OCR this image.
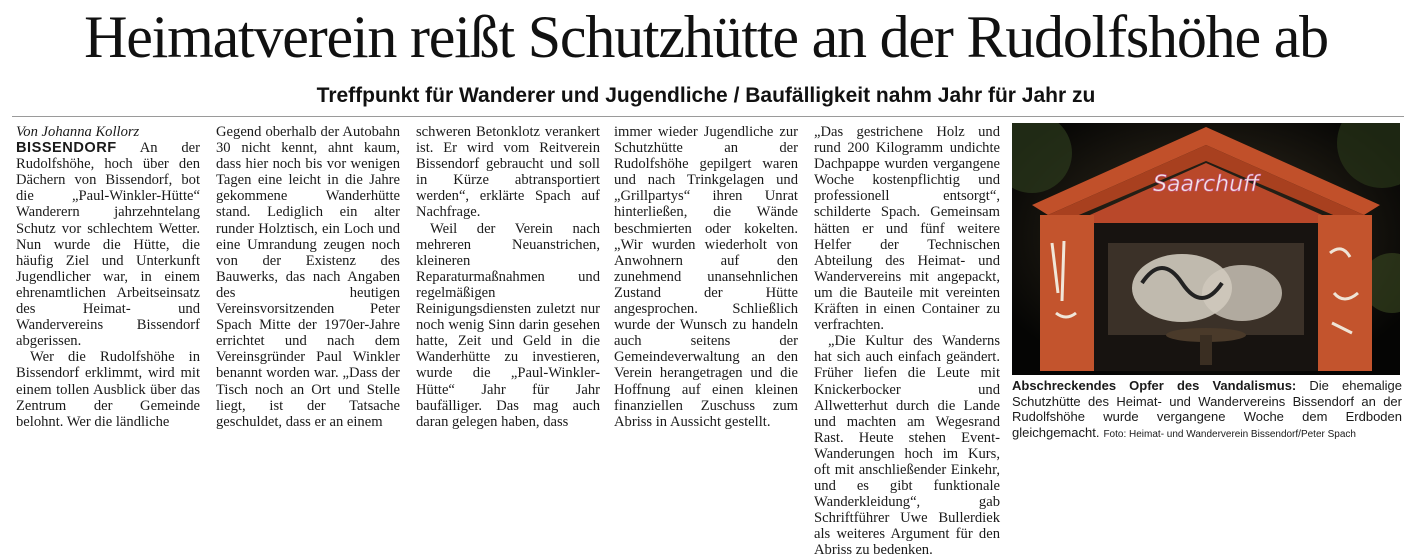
Heimatverein reißt Schutzhütte an der Rudolfshöhe ab
Treffpunkt für Wanderer und Jugendliche / Baufälligkeit nahm Jahr für Jahr zu

Von Johanna Kollorz

BISSENDORF An der Rudolfshöhe, hoch über den Dächern von Bissendorf, bot die „Paul-Winkler-Hütte“ Wanderern jahrzehntelang Schutz vor schlechtem Wetter. Nun wurde die Hütte, die häufig Ziel und Unterkunft Jugendlicher war, in einem ehrenamtlichen Arbeitseinsatz des Heimat- und Wandervereins Bissendorf abgerissen.

Wer die Rudolfshöhe in Bissendorf erklimmt, wird mit einem tollen Ausblick über das Zentrum der Gemeinde belohnt. Wer die ländliche

Gegend oberhalb der Autobahn 30 nicht kennt, ahnt kaum, dass hier noch bis vor wenigen Tagen eine leicht in die Jahre gekommene Wanderhütte stand. Lediglich ein alter runder Holztisch, ein Loch und eine Umrandung zeugen noch von der Existenz des Bauwerks, das nach Angaben des heutigen Vereinsvorsitzenden Peter Spach Mitte der 1970er-Jahre errichtet und nach dem Vereinsgründer Paul Winkler benannt worden war. „Dass der Tisch noch an Ort und Stelle liegt, ist der Tatsache geschuldet, dass er an einem

schweren Betonklotz verankert ist. Er wird vom Reitverein Bissendorf gebraucht und soll in Kürze abtransportiert werden“, erklärte Spach auf Nachfrage.

Weil der Verein nach mehreren Neuanstrichen, kleineren Reparaturmaßnahmen und regelmäßigen Reinigungsdiensten zuletzt nur noch wenig Sinn darin gesehen hatte, Zeit und Geld in die Wanderhütte zu investieren, wurde die „Paul-Winkler-Hütte“ Jahr für Jahr baufälliger. Das mag auch daran gelegen haben, dass

immer wieder Jugendliche zur Schutzhütte an der Rudolfshöhe gepilgert waren und nach Trinkgelagen und „Grillpartys“ ihren Unrat hinterließen, die Wände beschmierten oder kokelten. „Wir wurden wiederholt von Anwohnern auf den zunehmend unansehnlichen Zustand der Hütte angesprochen. Schließlich wurde der Wunsch zu handeln auch seitens der Gemeindeverwaltung an den Verein herangetragen und die Hoffnung auf einen kleinen finanziellen Zuschuss zum Abriss in Aussicht gestellt.

„Das gestrichene Holz und rund 200 Kilogramm undichte Dachpappe wurden vergangene Woche kostenpflichtig und professionell entsorgt“, schilderte Spach. Gemeinsam hätten er und fünf weitere Helfer der Technischen Abteilung des Heimat- und Wandervereins mit angepackt, um die Bauteile mit vereinten Kräften in einen Container zu verfrachten.

„Die Kultur des Wanderns hat sich auch einfach geändert. Früher liefen die Leute mit Knickerbocker und Allwetterhut durch die Lande und machten am Wegesrand Rast. Heute stehen Event-Wanderungen hoch im Kurs, oft mit anschließender Einkehr, und es gibt funktionale Wanderkleidung“, gab Schriftführer Uwe Bullerdiek als weiteres Argument für den Abriss zu bedenken.

Saarchuff
Abschreckendes Opfer des Vandalismus: Die ehemalige Schutzhütte des Heimat- und Wandervereins Bissendorf an der Rudolfshöhe wurde vergangene Woche dem Erdboden gleichgemacht. Foto: Heimat- und Wanderverein Bissendorf/Peter Spach
